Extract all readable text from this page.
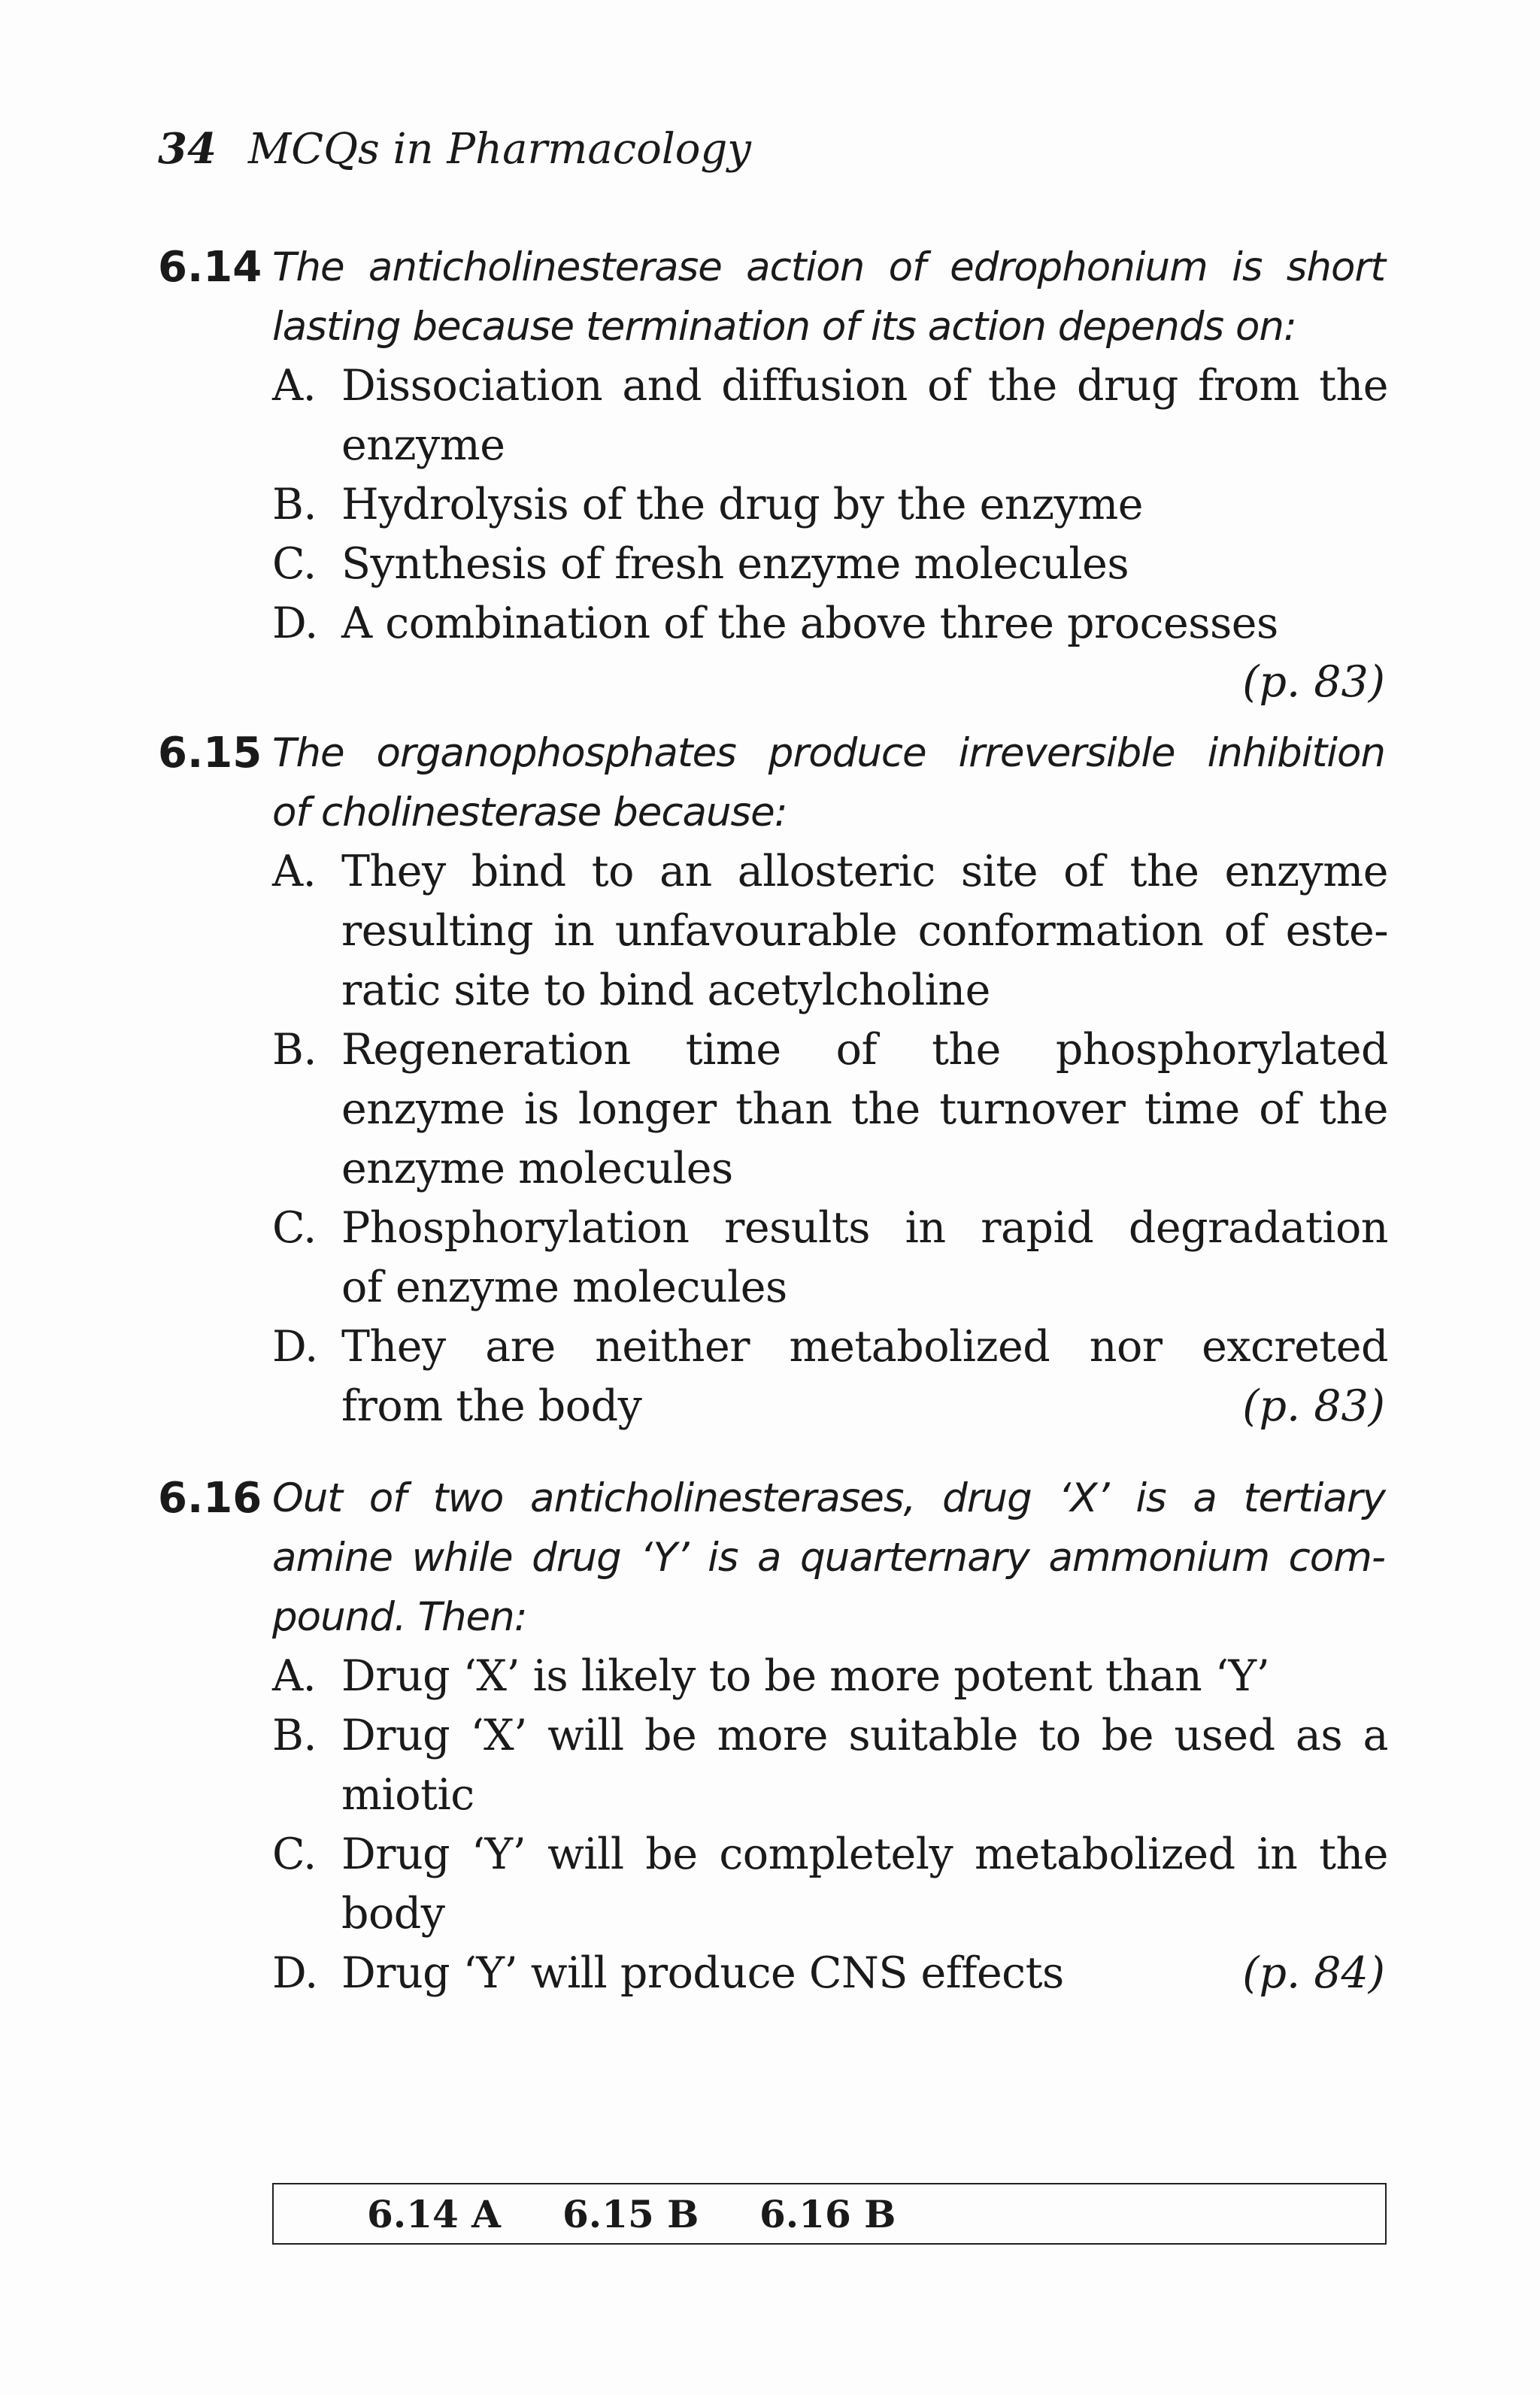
34 MCQs in Pharmacology
6.14 The anticholinesterase action of edrophonium is short
lasting because termination of its action depends on:
A. Dissociation and diffusion of the drug from the
enzyme
B. Hydrolysis of the drug by the enzyme
C. Synthesis of fresh enzyme molecules
D. A combination of the above three processes
(p. 83)
6.15 The organophosphates produce irreversible inhibition
of cholinesterase because:
A. They bind to an allosteric site of the enzyme
resulting in unfavourable conformation of este-
ratic site to bind acetylcholine
B. Regeneration time of the phosphorylated
enzyme is longer than the turnover time of the
enzyme molecules
C. Phosphorylation results in rapid degradation
of enzyme molecules
D. They are neither metabolized nor excreted
from the body	(p. 83)
6.16 Out of two anticholinesterases, drug ‘X’ is a tertiary
amine while drug ‘Y’ is a quarternary ammonium com-
pound. Then:
A. Drug ‘X’ is likely to be more potent than ‘Y’
B. Drug ‘X’ will be more suitable to be used as a
miotic
C. Drug ‘Y’ will be completely metabolized in the
body
D. Drug ‘Y’ will produce CNS effects	(p. 84)
6.14 A 6.15 B 6.16 B
